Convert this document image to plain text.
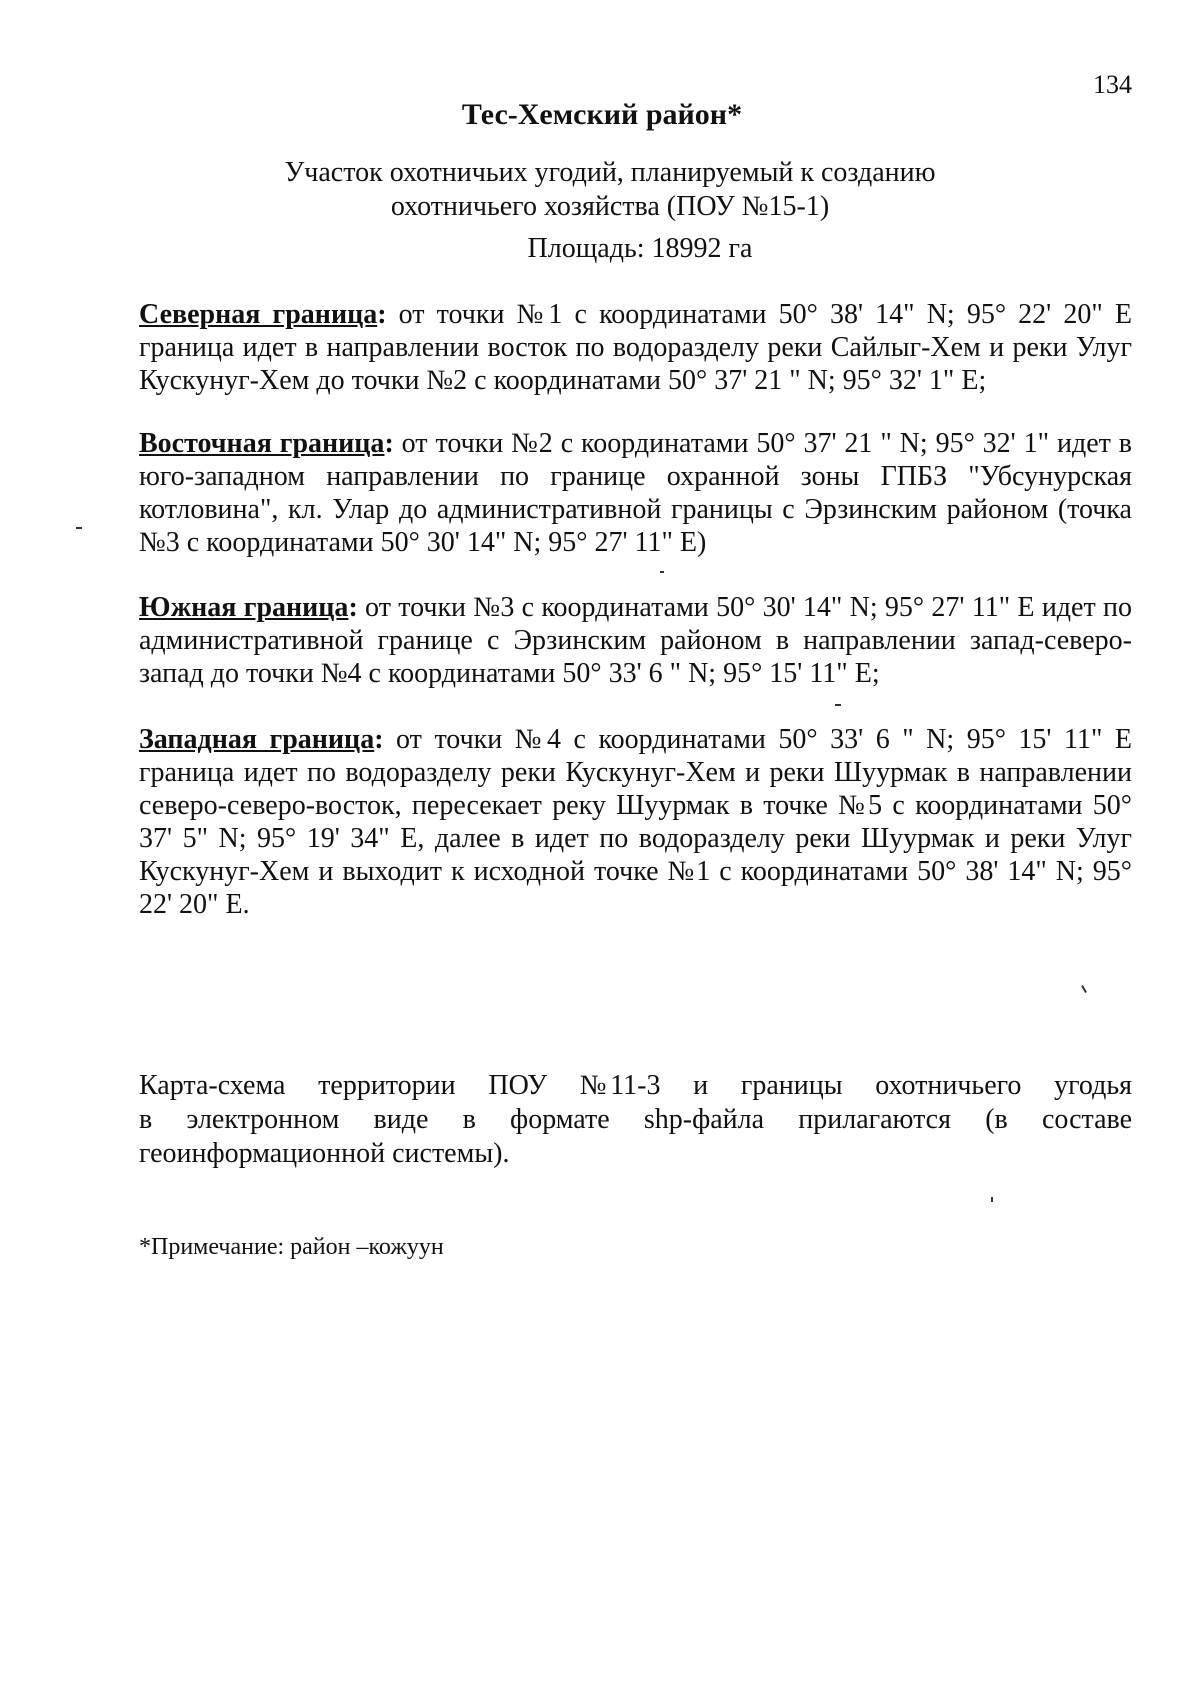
134
Тес-Хемский район*
Участок охотничьих угодий, планируемый к созданию охотничьего хозяйства (ПОУ №15-1)
Площадь: 18992 га
Северная граница: от точки №1 с координатами 50° 38' 14" N; 95° 22' 20" E граница идет в направлении восток по водоразделу реки Сайлыг-Хем и реки Улуг Кускунуг-Хем до точки №2 с координатами 50° 37' 21 " N; 95° 32' 1" E;
Восточная граница: от точки №2 с координатами 50° 37' 21 " N; 95° 32' 1" идет в юго-западном направлении по границе охранной зоны ГПБЗ "Убсунурская котловина", кл. Улар до административной границы с Эрзинским районом (точка №3 с координатами 50° 30' 14" N; 95° 27' 11" E)
Южная граница: от точки №3 с координатами 50° 30' 14" N; 95° 27' 11" E идет по административной границе с Эрзинским районом в направлении запад-северо-запад до точки №4 с координатами 50° 33' 6 " N; 95° 15' 11" E;
Западная граница: от точки №4 с координатами 50° 33' 6 " N; 95° 15' 11" E граница идет по водоразделу реки Кускунуг-Хем и реки Шуурмак в направлении северо-северо-восток, пересекает реку Шуурмак в точке №5 с координатами 50° 37' 5" N; 95° 19' 34" E, далее в идет по водоразделу реки Шуурмак и реки Улуг Кускунуг-Хем и выходит к исходной точке №1 с координатами 50° 38' 14" N; 95° 22' 20" E.
Карта-схема территории ПОУ №11-3 и границы охотничьего угодья в электронном виде в формате shp-файла прилагаются (в составе геоинформационной системы).
*Примечание: район –кожуун
